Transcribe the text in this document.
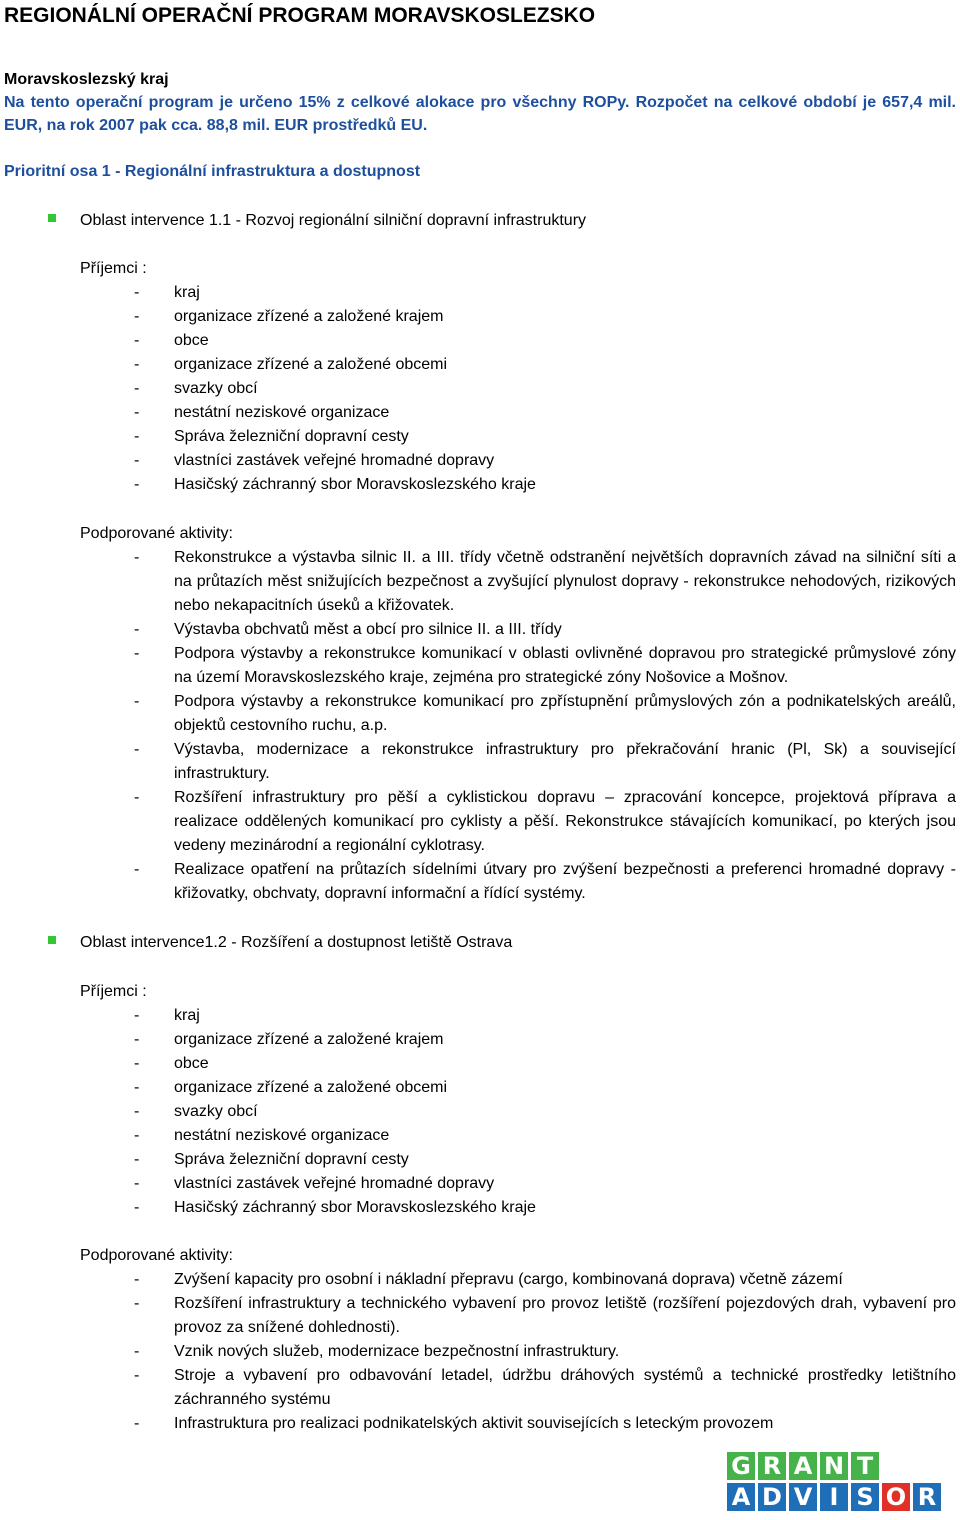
REGIONÁLNÍ OPERAČNÍ PROGRAM MORAVSKOSLEZSKO

Moravskoslezský kraj

Na tento operační program je určeno 15% z celkové alokace pro všechny ROPy. Rozpočet na celkové období je 657,4 mil. EUR, na rok 2007 pak cca. 88,8 mil. EUR prostředků EU.

Prioritní osa 1 - Regionální infrastruktura a dostupnost
Oblast intervence 1.1 - Rozvoj regionální silniční dopravní infrastruktury
Příjemci :
- kraj
- organizace zřízené a založené krajem
- obce
- organizace zřízené a založené obcemi
- svazky obcí
- nestátní neziskové organizace
- Správa železniční dopravní cesty
- vlastníci zastávek veřejné hromadné dopravy
- Hasičský záchranný sbor Moravskoslezského kraje
Podporované aktivity:
- Rekonstrukce a výstavba silnic II. a III. třídy včetně odstranění největších dopravních závad na silniční síti a na průtazích měst snižujících bezpečnost a zvyšující plynulost dopravy - rekonstrukce nehodových, rizikových nebo nekapacitních úseků a křižovatek.
- Výstavba obchvatů měst a obcí pro silnice II. a III. třídy
- Podpora výstavby a rekonstrukce komunikací v oblasti ovlivněné dopravou pro strategické průmyslové zóny na území Moravskoslezského kraje, zejména pro strategické zóny Nošovice a Mošnov.
- Podpora výstavby a rekonstrukce komunikací pro zpřístupnění průmyslových zón a podnikatelských areálů, objektů cestovního ruchu, a.p.
- Výstavba, modernizace a rekonstrukce infrastruktury pro překračování hranic (Pl, Sk) a související infrastruktury.
- Rozšíření infrastruktury pro pěší a cyklistickou dopravu – zpracování koncepce, projektová příprava a realizace oddělených komunikací pro cyklisty a pěší. Rekonstrukce stávajících komunikací, po kterých jsou vedeny mezinárodní a regionální cyklotrasy.
- Realizace opatření na průtazích sídelními útvary pro zvýšení bezpečnosti a preferenci hromadné dopravy - křižovatky, obchvaty, dopravní informační a řídící systémy.
Oblast intervence1.2 - Rozšíření a dostupnost letiště Ostrava
Příjemci :
- kraj
- organizace zřízené a založené krajem
- obce
- organizace zřízené a založené obcemi
- svazky obcí
- nestátní neziskové organizace
- Správa železniční dopravní cesty
- vlastníci zastávek veřejné hromadné dopravy
- Hasičský záchranný sbor Moravskoslezského kraje
Podporované aktivity:
- Zvýšení kapacity pro osobní i nákladní přepravu (cargo, kombinovaná doprava) včetně zázemí
- Rozšíření infrastruktury a technického vybavení pro provoz letiště (rozšíření pojezdových drah, vybavení pro provoz za snížené dohlednosti).
- Vznik nových služeb, modernizace bezpečnostní infrastruktury.
- Stroje a vybavení pro odbavování letadel, údržbu dráhových systémů a technické prostředky letištního záchranného systému
- Infrastruktura pro realizaci podnikatelských aktivit souvisejících s leteckým provozem
G R A N T
A D V I S O R
